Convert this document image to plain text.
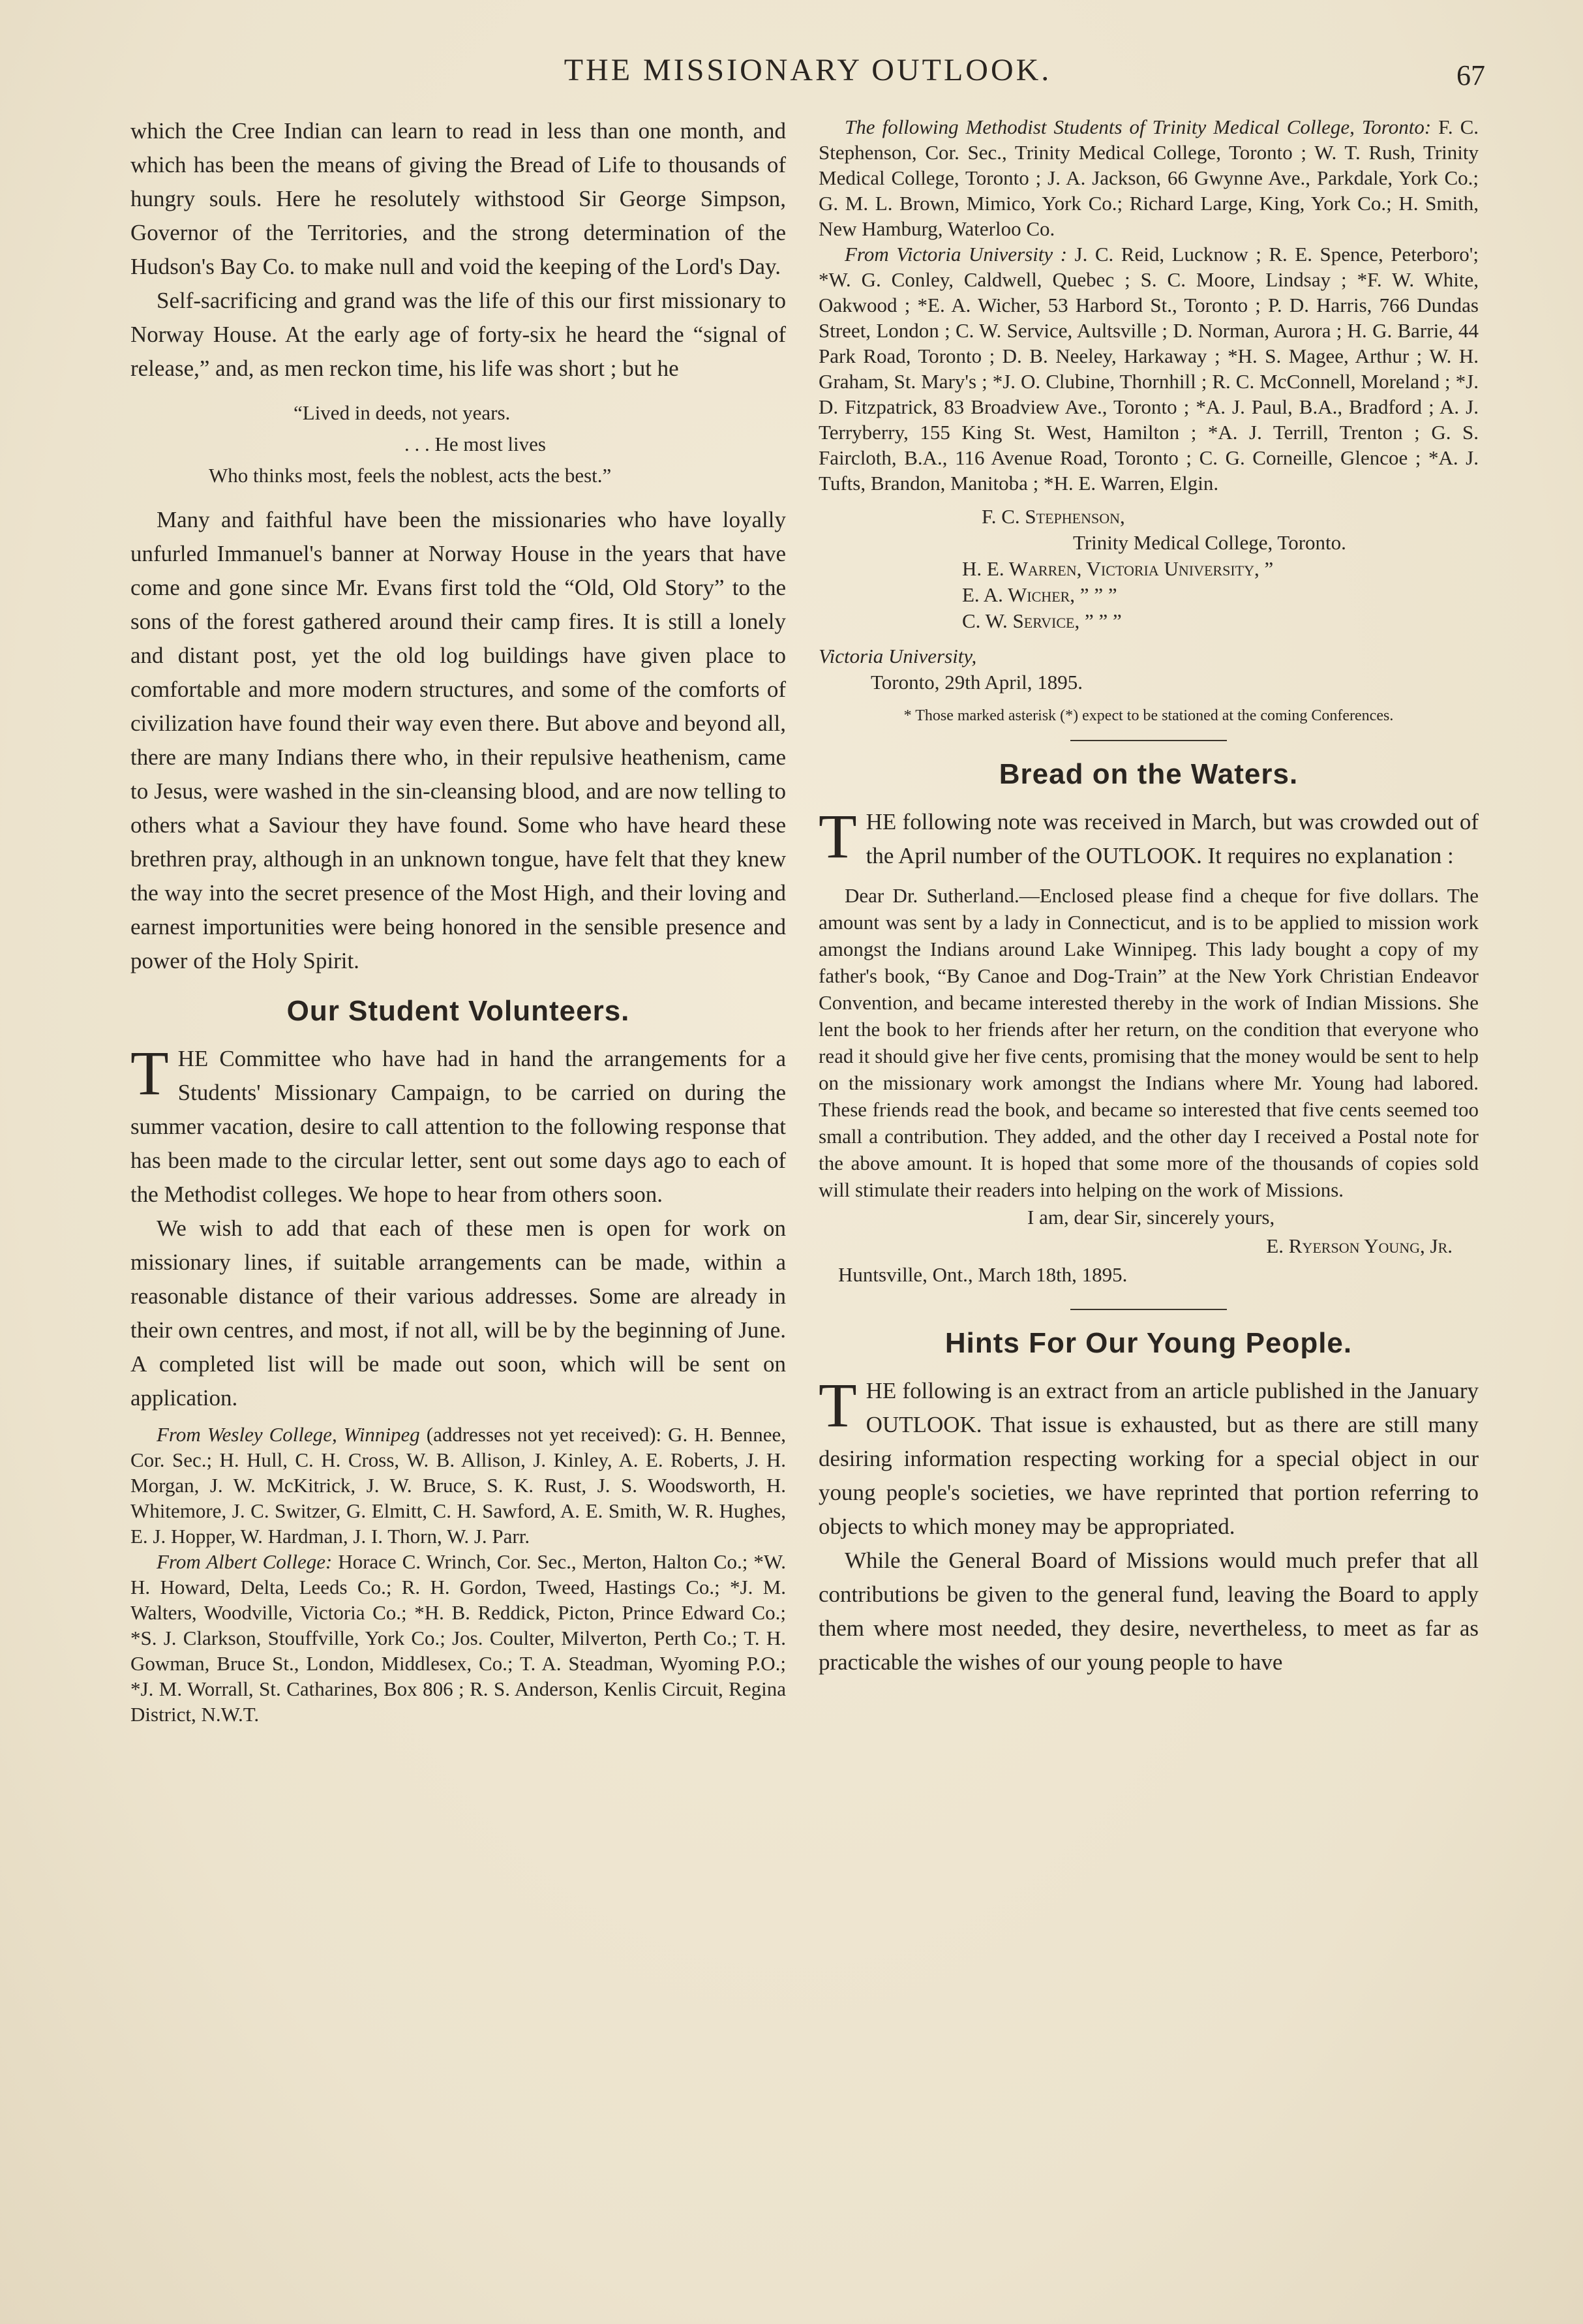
THE MISSIONARY OUTLOOK.	67

which the Cree Indian can learn to read in less than one month, and which has been the means of giving the Bread of Life to thousands of hungry souls. Here he resolutely withstood Sir George Simpson, Governor of the Territories, and the strong determination of the Hudson's Bay Co. to make null and void the keeping of the Lord's Day.

Self-sacrificing and grand was the life of this our first missionary to Norway House. At the early age of forty-six he heard the “signal of release,” and, as men reckon time, his life was short ; but he

“Lived in deeds, not years.
. . . He most lives
Who thinks most, feels the noblest, acts the best.”

Many and faithful have been the missionaries who have loyally unfurled Immanuel's banner at Norway House in the years that have come and gone since Mr. Evans first told the “Old, Old Story” to the sons of the forest gathered around their camp fires. It is still a lonely and distant post, yet the old log buildings have given place to comfortable and more modern structures, and some of the comforts of civilization have found their way even there. But above and beyond all, there are many Indians there who, in their repulsive heathenism, came to Jesus, were washed in the sin-cleansing blood, and are now telling to others what a Saviour they have found. Some who have heard these brethren pray, although in an unknown tongue, have felt that they knew the way into the secret presence of the Most High, and their loving and earnest importunities were being honored in the sensible presence and power of the Holy Spirit.

Our Student Volunteers.

THE Committee who have had in hand the arrangements for a Students' Missionary Campaign, to be carried on during the summer vacation, desire to call attention to the following response that has been made to the circular letter, sent out some days ago to each of the Methodist colleges. We hope to hear from others soon.

We wish to add that each of these men is open for work on missionary lines, if suitable arrangements can be made, within a reasonable distance of their various addresses. Some are already in their own centres, and most, if not all, will be by the beginning of June. A completed list will be made out soon, which will be sent on application.

From Wesley College, Winnipeg (addresses not yet received): G. H. Bennee, Cor. Sec.; H. Hull, C. H. Cross, W. B. Allison, J. Kinley, A. E. Roberts, J. H. Morgan, J. W. McKitrick, J. W. Bruce, S. K. Rust, J. S. Woodsworth, H. Whitemore, J. C. Switzer, G. Elmitt, C. H. Sawford, A. E. Smith, W. R. Hughes, E. J. Hopper, W. Hardman, J. I. Thorn, W. J. Parr.

From Albert College: Horace C. Wrinch, Cor. Sec., Merton, Halton Co.; *W. H. Howard, Delta, Leeds Co.; R. H. Gordon, Tweed, Hastings Co.; *J. M. Walters, Woodville, Victoria Co.; *H. B. Reddick, Picton, Prince Edward Co.; *S. J. Clarkson, Stouffville, York Co.; Jos. Coulter, Milverton, Perth Co.; T. H. Gowman, Bruce St., London, Middlesex, Co.; T. A. Steadman, Wyoming P.O.; *J. M. Worrall, St. Catharines, Box 806 ; R. S. Anderson, Kenlis Circuit, Regina District, N.W.T.

The following Methodist Students of Trinity Medical College, Toronto: F. C. Stephenson, Cor. Sec., Trinity Medical College, Toronto ; W. T. Rush, Trinity Medical College, Toronto ; J. A. Jackson, 66 Gwynne Ave., Parkdale, York Co.; G. M. L. Brown, Mimico, York Co.; Richard Large, King, York Co.; H. Smith, New Hamburg, Waterloo Co.

From Victoria University : J. C. Reid, Lucknow ; R. E. Spence, Peterboro'; *W. G. Conley, Caldwell, Quebec ; S. C. Moore, Lindsay ; *F. W. White, Oakwood ; *E. A. Wicher, 53 Harbord St., Toronto ; P. D. Harris, 766 Dundas Street, London ; C. W. Service, Aultsville ; D. Norman, Aurora ; H. G. Barrie, 44 Park Road, Toronto ; D. B. Neeley, Harkaway ; *H. S. Magee, Arthur ; W. H. Graham, St. Mary's ; *J. O. Clubine, Thornhill ; R. C. McConnell, Moreland ; *J. D. Fitzpatrick, 83 Broadview Ave., Toronto ; *A. J. Paul, B.A., Bradford ; A. J. Terryberry, 155 King St. West, Hamilton ; *A. J. Terrill, Trenton ; G. S. Faircloth, B.A., 116 Avenue Road, Toronto ; C. G. Corneille, Glencoe ; *A. J. Tufts, Brandon, Manitoba ; *H. E. Warren, Elgin.

F. C. Stephenson,
Trinity Medical College, Toronto.
H. E. Warren, Victoria University, ”
E. A. Wicher, ” ” ”
C. W. Service, ” ” ”
Victoria University,
Toronto, 29th April, 1895.
* Those marked asterisk (*) expect to be stationed at the coming Conferences.
Bread on the Waters.

THE following note was received in March, but was crowded out of the April number of the OUTLOOK. It requires no explanation :

Dear Dr. Sutherland.—Enclosed please find a cheque for five dollars. The amount was sent by a lady in Connecticut, and is to be applied to mission work amongst the Indians around Lake Winnipeg. This lady bought a copy of my father's book, “By Canoe and Dog-Train” at the New York Christian Endeavor Convention, and became interested thereby in the work of Indian Missions. She lent the book to her friends after her return, on the condition that everyone who read it should give her five cents, promising that the money would be sent to help on the missionary work amongst the Indians where Mr. Young had labored. These friends read the book, and became so interested that five cents seemed too small a contribution. They added, and the other day I received a Postal note for the above amount. It is hoped that some more of the thousands of copies sold will stimulate their readers into helping on the work of Missions.

I am, dear Sir, sincerely yours,
E. Ryerson Young, Jr.
Huntsville, Ont., March 18th, 1895.
Hints For Our Young People.

THE following is an extract from an article published in the January OUTLOOK. That issue is exhausted, but as there are still many desiring information respecting working for a special object in our young people's societies, we have reprinted that portion referring to objects to which money may be appropriated.

While the General Board of Missions would much prefer that all contributions be given to the general fund, leaving the Board to apply them where most needed, they desire, nevertheless, to meet as far as practicable the wishes of our young people to have
